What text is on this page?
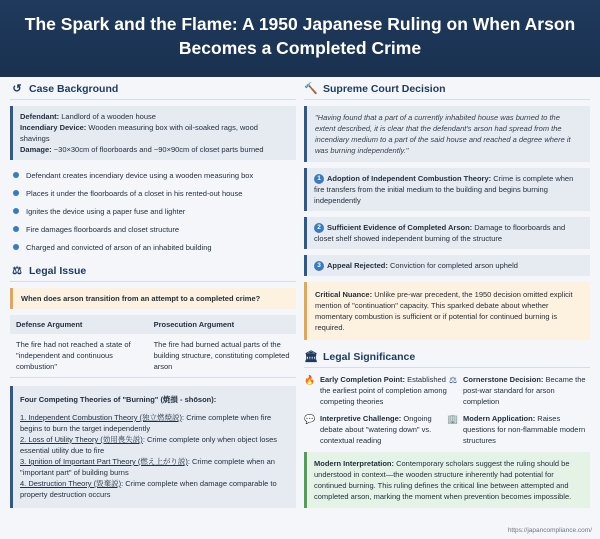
The Spark and the Flame: A 1950 Japanese Ruling on When Arson Becomes a Completed Crime
↺ Case Background
Defendant: Landlord of a wooden house
Incendiary Device: Wooden measuring box with oil-soaked rags, wood shavings
Damage: ~30×30cm of floorboards and ~90×90cm of closet parts burned
Defendant creates incendiary device using a wooden measuring box
Places it under the floorboards of a closet in his rented-out house
Ignites the device using a paper fuse and lighter
Fire damages floorboards and closet structure
Charged and convicted of arson of an inhabited building
⚖ Legal Issue
When does arson transition from an attempt to a completed crime?
Defense Argument	Prosecution Argument
The fire had not reached a state of "independent and continuous combustion"	The fire had burned actual parts of the building structure, constituting completed arson
Four Competing Theories of "Burning" (焼損 - shōson):
1. Independent Combustion Theory (独立燃焼説): Crime complete when fire begins to burn the target independently
2. Loss of Utility Theory (効用喪失説): Crime complete only when object loses essential utility due to fire
3. Ignition of Important Part Theory (燃え上がり説): Crime complete when an "important part" of building burns
4. Destruction Theory (毀棄説): Crime complete when damage comparable to property destruction occurs
🔨 Supreme Court Decision
"Having found that a part of a currently inhabited house was burned to the extent described, it is clear that the defendant's arson had spread from the incendiary medium to a part of the said house and reached a degree where it was burning independently."
1 Adoption of Independent Combustion Theory: Crime is complete when fire transfers from the initial medium to the building and begins burning independently
2 Sufficient Evidence of Completed Arson: Damage to floorboards and closet shelf showed independent burning of the structure
3 Appeal Rejected: Conviction for completed arson upheld
Critical Nuance: Unlike pre-war precedent, the 1950 decision omitted explicit mention of "continuation" capacity. This sparked debate about whether momentary combustion is sufficient or if potential for continued burning is required.
🏛 Legal Significance
🔥 Early Completion Point: Established the earliest point of completion among competing theories
⚖ Cornerstone Decision: Became the post-war standard for arson completion
💬 Interpretive Challenge: Ongoing debate about "watering down" vs. contextual reading
🏢 Modern Application: Raises questions for non-flammable modern structures
Modern Interpretation: Contemporary scholars suggest the ruling should be understood in context—the wooden structure inherently had potential for continued burning. This ruling defines the critical line between attempted and completed arson, marking the moment when prevention becomes impossible.
https://japancompliance.com/
